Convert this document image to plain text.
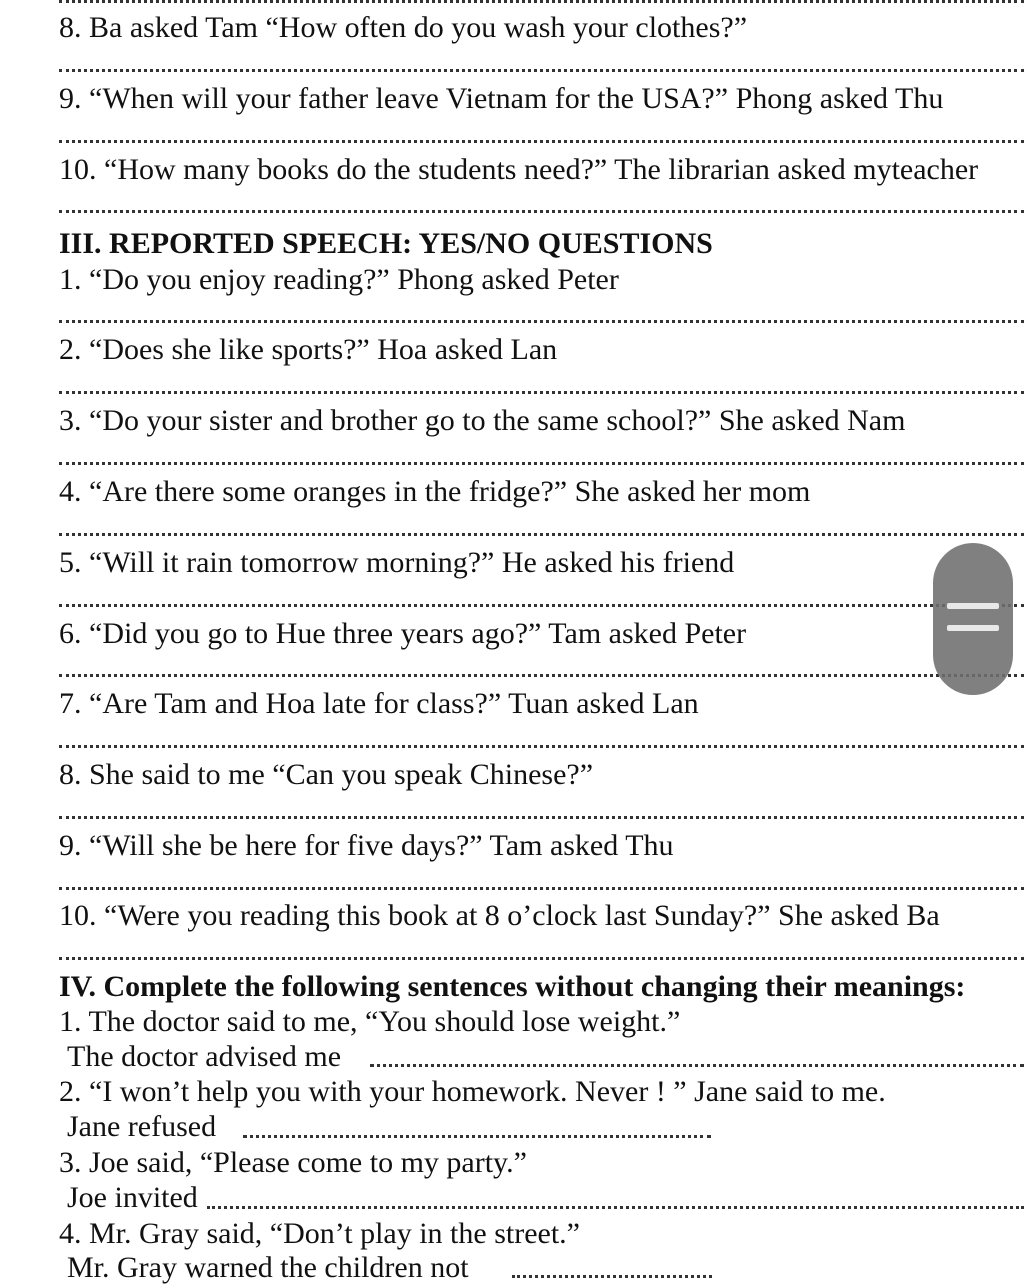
8. Ba asked Tam “How often do you wash your clothes?”
9. “When will your father leave Vietnam for the USA?” Phong asked Thu
10. “How many books do the students need?” The librarian asked myteacher
III. REPORTED SPEECH: YES/NO QUESTIONS
1. “Do you enjoy reading?” Phong asked Peter
2. “Does she like sports?” Hoa asked Lan
3. “Do your sister and brother go to the same school?” She asked Nam
4. “Are there some oranges in the fridge?” She asked her mom
5. “Will it rain tomorrow morning?” He asked his friend
6. “Did you go to Hue three years ago?” Tam asked Peter
7. “Are Tam and Hoa late for class?” Tuan asked Lan
8. She said to me “Can you speak Chinese?”
9. “Will she be here for five days?” Tam asked Thu
10. “Were you reading this book at 8 o’clock last Sunday?” She asked Ba
IV. Complete the following sentences without changing their meanings:
1. The doctor said to me, “You should lose weight.”
The doctor advised me
2. “I won’t help you with your homework. Never ! ” Jane said to me.
Jane refused
3. Joe said, “Please come to my party.”
Joe invited
4. Mr. Gray said, “Don’t play in the street.”
Mr. Gray warned the children not
